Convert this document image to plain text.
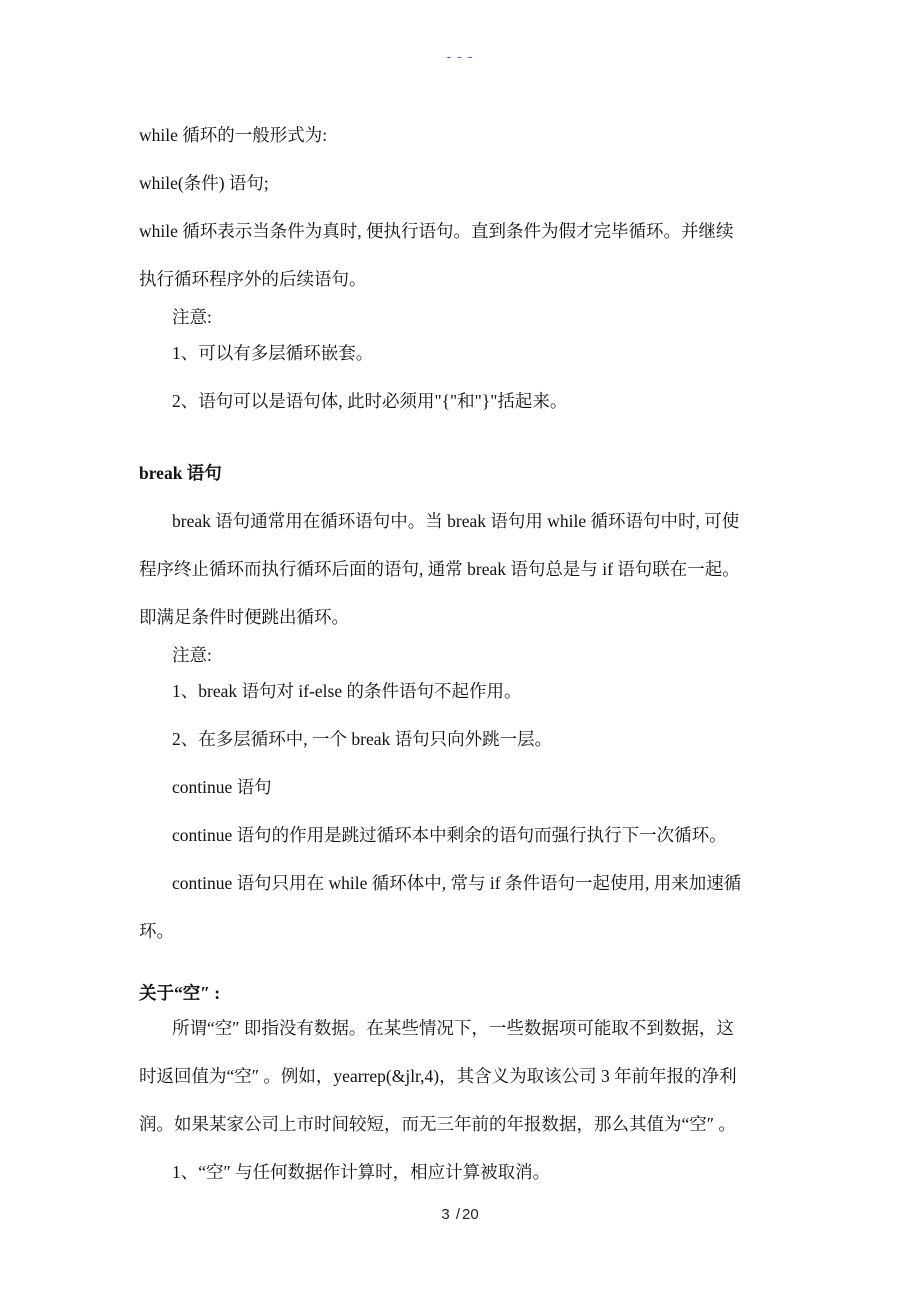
- - -
while 循环的一般形式为:
while(条件) 语句;
while 循环表示当条件为真时, 便执行语句。直到条件为假才完毕循环。并继续
执行循环程序外的后续语句。
注意:
1、可以有多层循环嵌套。
2、语句可以是语句体, 此时必须用"{"和"}"括起来。
break 语句
break 语句通常用在循环语句中。当 break 语句用 while 循环语句中时, 可使
程序终止循环而执行循环后面的语句, 通常 break 语句总是与 if 语句联在一起。
即满足条件时便跳出循环。
注意:
1、break 语句对 if-else 的条件语句不起作用。
2、在多层循环中, 一个 break 语句只向外跳一层。
continue 语句
continue 语句的作用是跳过循环本中剩余的语句而强行执行下一次循环。
continue 语句只用在 while 循环体中, 常与 if 条件语句一起使用, 用来加速循
环。
关于“空″ :
所谓“空″ 即指没有数据。在某些情况下，一些数据项可能取不到数据，这
时返回值为“空″ 。例如，yearrep(&jlr,4)，其含义为取该公司 3 年前年报的净利
润。如果某家公司上市时间较短，而无三年前的年报数据，那么其值为“空″ 。
1、“空″ 与任何数据作计算时，相应计算被取消。
3 / 20
